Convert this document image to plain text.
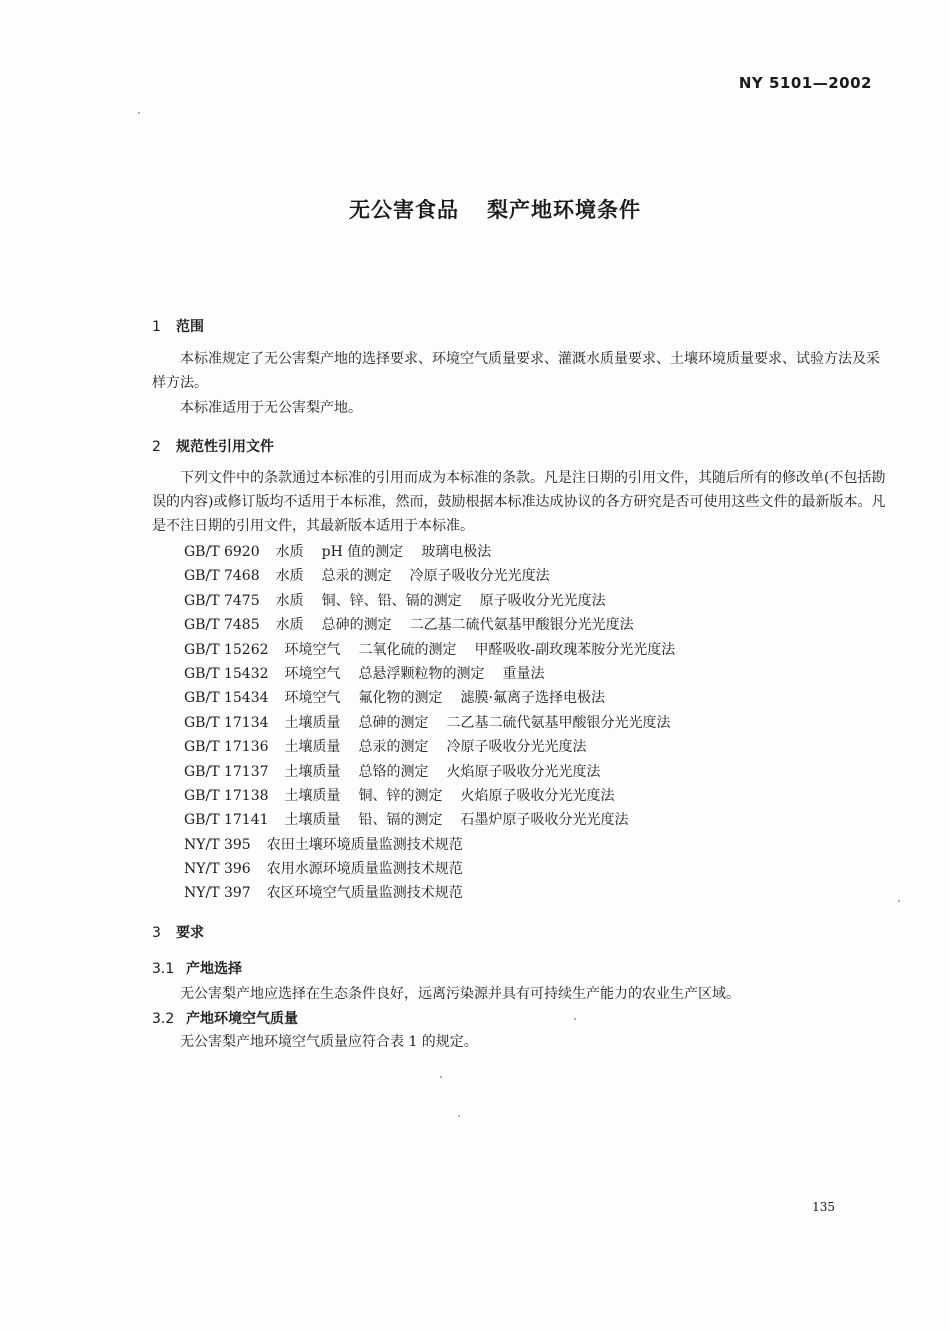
NY 5101—2002
无公害食品 梨产地环境条件
1 范围

本标准规定了无公害梨产地的选择要求、环境空气质量要求、灌溉水质量要求、土壤环境质量要求、试验方法及采样方法。

本标准适用于无公害梨产地。

2 规范性引用文件

下列文件中的条款通过本标准的引用而成为本标准的条款。凡是注日期的引用文件，其随后所有的修改单(不包括勘误的内容)或修订版均不适用于本标准，然而，鼓励根据本标准达成协议的各方研究是否可使用这些文件的最新版本。凡是不注日期的引用文件，其最新版本适用于本标准。

GB/T 6920 水质 pH 值的测定 玻璃电极法
GB/T 7468 水质 总汞的测定 冷原子吸收分光光度法
GB/T 7475 水质 铜、锌、铅、镉的测定 原子吸收分光光度法
GB/T 7485 水质 总砷的测定 二乙基二硫代氨基甲酸银分光光度法
GB/T 15262 环境空气 二氧化硫的测定 甲醛吸收-副玫瑰苯胺分光光度法
GB/T 15432 环境空气 总悬浮颗粒物的测定 重量法
GB/T 15434 环境空气 氟化物的测定 滤膜·氟离子选择电极法
GB/T 17134 土壤质量 总砷的测定 二乙基二硫代氨基甲酸银分光光度法
GB/T 17136 土壤质量 总汞的测定 冷原子吸收分光光度法
GB/T 17137 土壤质量 总铬的测定 火焰原子吸收分光光度法
GB/T 17138 土壤质量 铜、锌的测定 火焰原子吸收分光光度法
GB/T 17141 土壤质量 铅、镉的测定 石墨炉原子吸收分光光度法
NY/T 395 农田土壤环境质量监测技术规范
NY/T 396 农用水源环境质量监测技术规范
NY/T 397 农区环境空气质量监测技术规范
3 要求
3.1 产地选择

无公害梨产地应选择在生态条件良好，远离污染源并具有可持续生产能力的农业生产区域。

3.2 产地环境空气质量

无公害梨产地环境空气质量应符合表 1 的规定。

135
